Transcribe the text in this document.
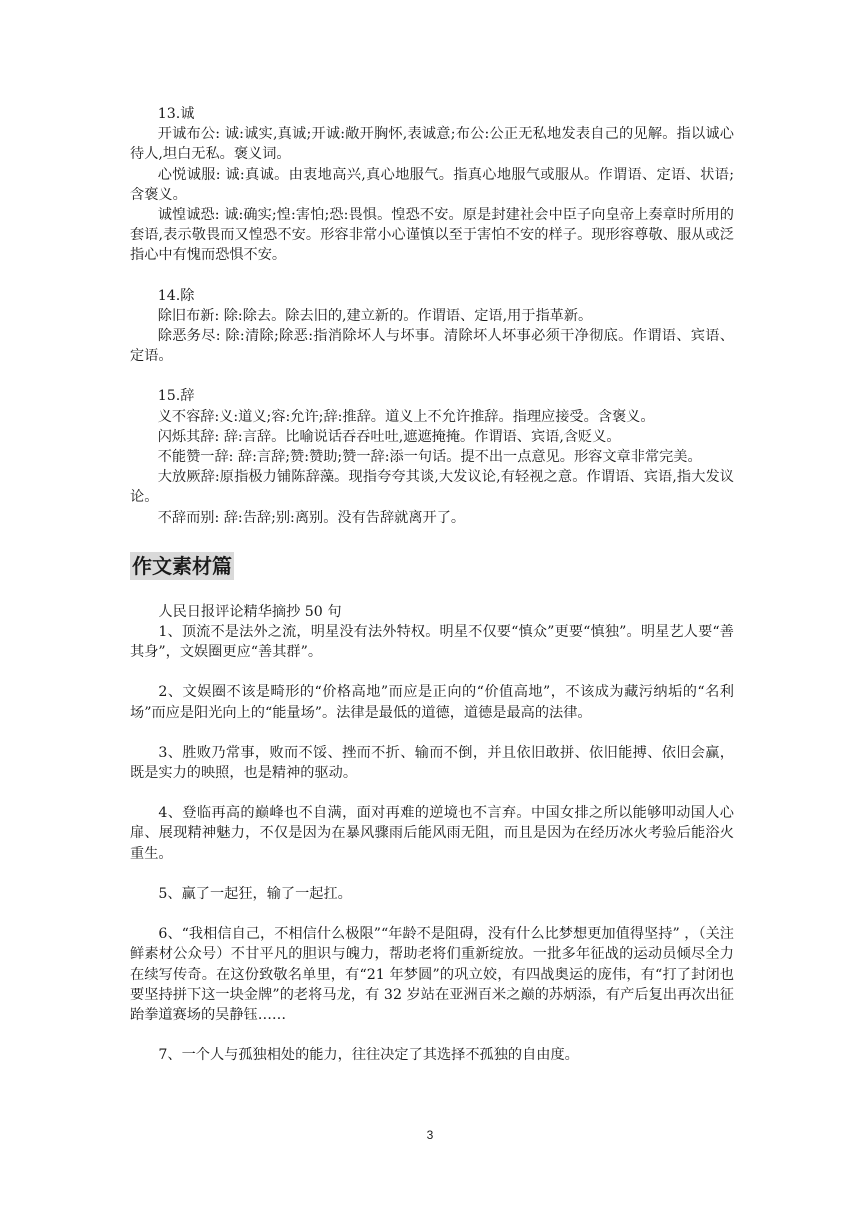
13.诚

开诚布公: 诚:诚实,真诚;开诚:敞开胸怀,表诚意;布公:公正无私地发表自己的见解。指以诚心待人,坦白无私。褒义词。

心悦诚服: 诚:真诚。由衷地高兴,真心地服气。指真心地服气或服从。作谓语、定语、状语;含褒义。

诚惶诚恐: 诚:确实;惶:害怕;恐:畏惧。惶恐不安。原是封建社会中臣子向皇帝上奏章时所用的套语,表示敬畏而又惶恐不安。形容非常小心谨慎以至于害怕不安的样子。现形容尊敬、服从或泛指心中有愧而恐惧不安。

14.除

除旧布新: 除:除去。除去旧的,建立新的。作谓语、定语,用于指革新。

除恶务尽: 除:清除;除恶:指消除坏人与坏事。清除坏人坏事必须干净彻底。作谓语、宾语、定语。

15.辞

义不容辞:义:道义;容:允许;辞:推辞。道义上不允许推辞。指理应接受。含褒义。

闪烁其辞: 辞:言辞。比喻说话吞吞吐吐,遮遮掩掩。作谓语、宾语,含贬义。

不能赞一辞: 辞:言辞;赞:赞助;赞一辞:添一句话。提不出一点意见。形容文章非常完美。

大放厥辞:原指极力铺陈辞藻。现指夸夸其谈,大发议论,有轻视之意。作谓语、宾语,指大发议论。

不辞而别: 辞:告辞;别:离别。没有告辞就离开了。

作文素材篇

人民日报评论精华摘抄 50 句

1、顶流不是法外之流，明星没有法外特权。明星不仅要“慎众”更要“慎独”。明星艺人要“善其身”，文娱圈更应“善其群”。

2、文娱圈不该是畸形的“价格高地”而应是正向的“价值高地”，不该成为藏污纳垢的“名利场”而应是阳光向上的“能量场”。法律是最低的道德，道德是最高的法律。

3、胜败乃常事，败而不馁、挫而不折、输而不倒，并且依旧敢拼、依旧能搏、依旧会赢，既是实力的映照，也是精神的驱动。

4、登临再高的巅峰也不自满，面对再难的逆境也不言弃。中国女排之所以能够叩动国人心扉、展现精神魅力，不仅是因为在暴风骤雨后能风雨无阻，而且是因为在经历冰火考验后能浴火重生。

5、赢了一起狂，输了一起扛。

6、“我相信自己，不相信什么极限”“年龄不是阻碍，没有什么比梦想更加值得坚持” ，（关注鲜素材公众号）不甘平凡的胆识与魄力，帮助老将们重新绽放。一批多年征战的运动员倾尽全力在续写传奇。在这份致敬名单里，有“21 年梦圆”的巩立姣，有四战奥运的庞伟，有“打了封闭也要坚持拼下这一块金牌”的老将马龙，有 32 岁站在亚洲百米之巅的苏炳添，有产后复出再次出征跆拳道赛场的吴静钰……

7、一个人与孤独相处的能力，往往决定了其选择不孤独的自由度。

3
